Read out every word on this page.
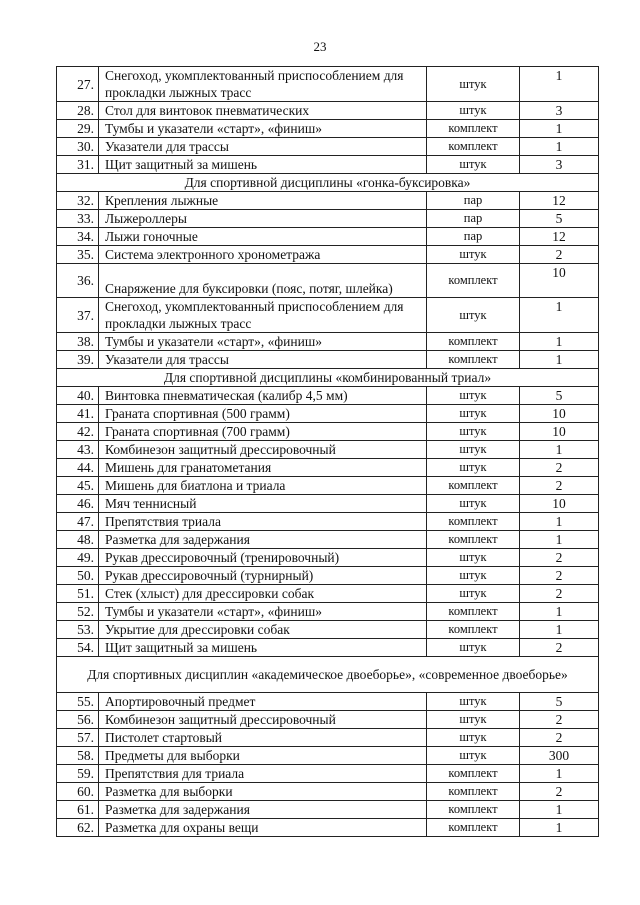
23
27.	Снегоход, укомплектованный приспособлением для прокладки лыжных трасс	штук	1
28.	Стол для винтовок пневматических	штук	3
29.	Тумбы и указатели «старт», «финиш»	комплект	1
30.	Указатели для трассы	комплект	1
31.	Щит защитный за мишень	штук	3
Для спортивной дисциплины «гонка-буксировка»			
32.	Крепления лыжные	пар	12
33.	Лыжероллеры	пар	5
34.	Лыжи гоночные	пар	12
35.	Система электронного хронометража	штук	2
36.	Снаряжение для буксировки (пояс, потяг, шлейка)	комплект	10
37.	Снегоход, укомплектованный приспособлением для прокладки лыжных трасс	штук	1
38.	Тумбы и указатели «старт», «финиш»	комплект	1
39.	Указатели для трассы	комплект	1
Для спортивной дисциплины «комбинированный триал»			
40.	Винтовка пневматическая (калибр 4,5 мм)	штук	5
41.	Граната спортивная (500 грамм)	штук	10
42.	Граната спортивная (700 грамм)	штук	10
43.	Комбинезон защитный дрессировочный	штук	1
44.	Мишень для гранатометания	штук	2
45.	Мишень для биатлона и триала	комплект	2
46.	Мяч теннисный	штук	10
47.	Препятствия триала	комплект	1
48.	Разметка для задержания	комплект	1
49.	Рукав дрессировочный (тренировочный)	штук	2
50.	Рукав дрессировочный (турнирный)	штук	2
51.	Стек (хлыст) для дрессировки собак	штук	2
52.	Тумбы и указатели «старт», «финиш»	комплект	1
53.	Укрытие для дрессировки собак	комплект	1
54.	Щит защитный за мишень	штук	2
Для спортивных дисциплин «академическое двоеборье», «современное двоеборье»			
55.	Апортировочный предмет	штук	5
56.	Комбинезон защитный дрессировочный	штук	2
57.	Пистолет стартовый	штук	2
58.	Предметы для выборки	штук	300
59.	Препятствия для триала	комплект	1
60.	Разметка для выборки	комплект	2
61.	Разметка для задержания	комплект	1
62.	Разметка для охраны вещи	комплект	1
